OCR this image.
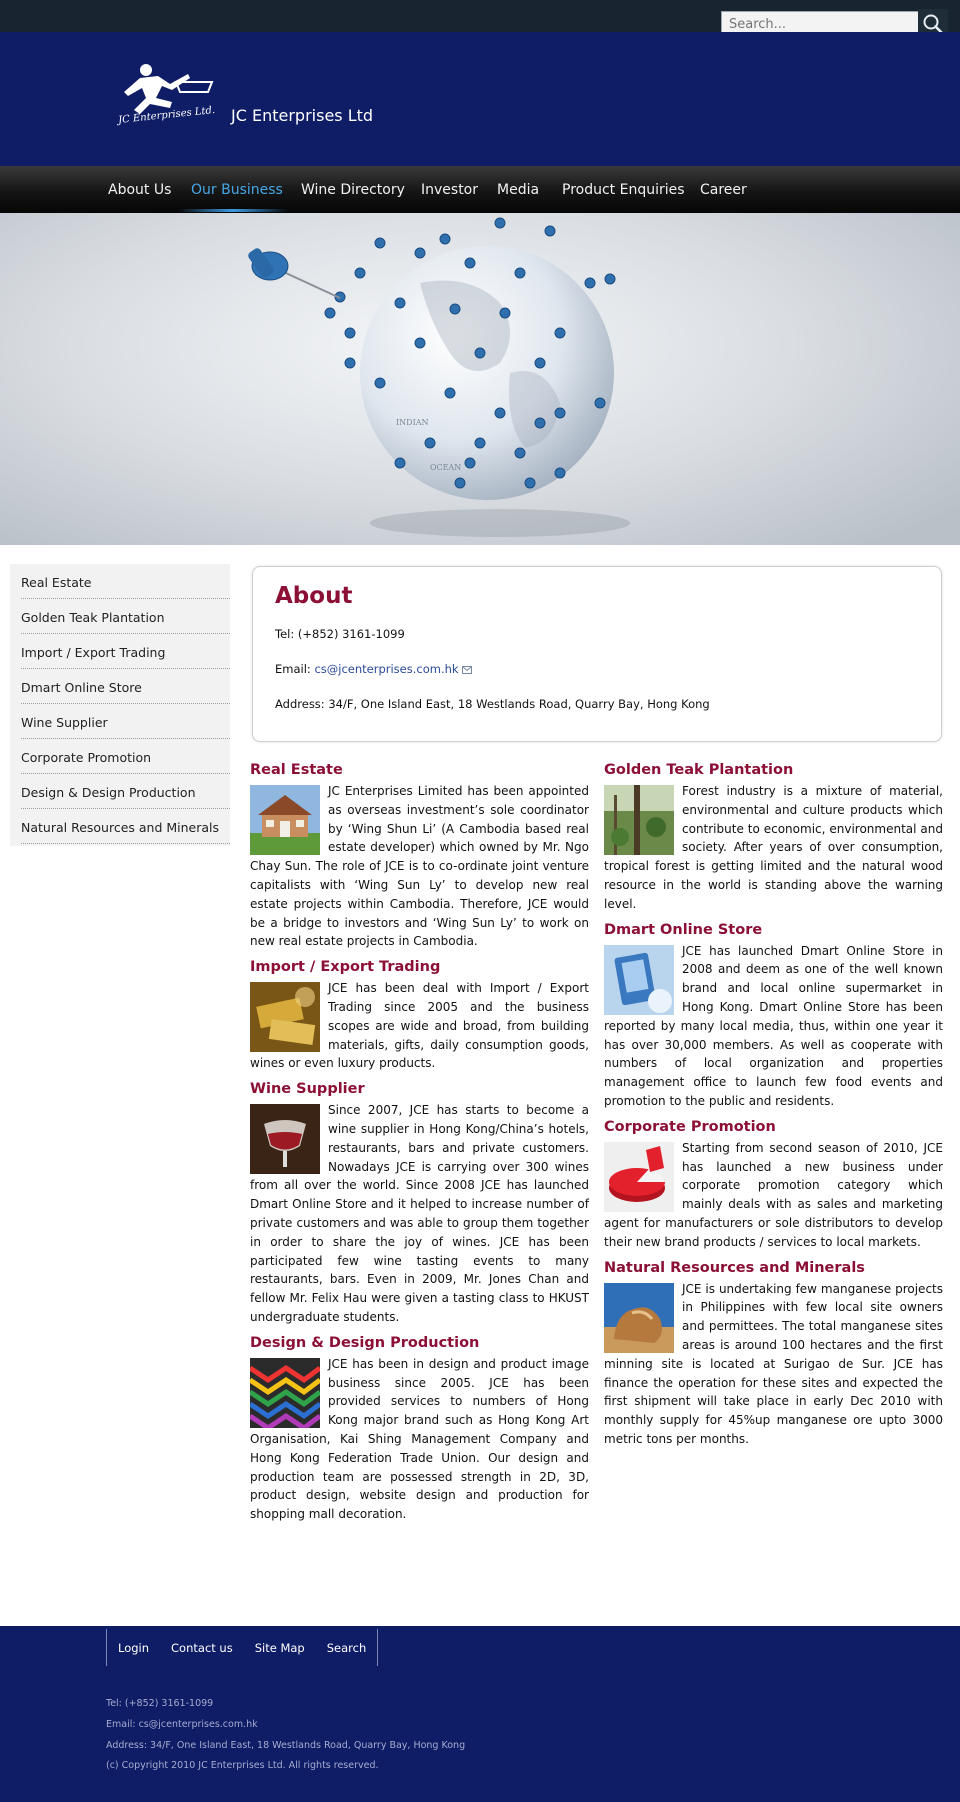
Search...
JC Enterprises Ltd. JC Enterprises Ltd
About Us Our Business Wine Directory Investor Media Product Enquiries Career
INDIAN
OCEAN
Real Estate
Golden Teak Plantation
Import / Export Trading
Dmart Online Store
Wine Supplier
Corporate Promotion
Design & Design Production
Natural Resources and Minerals
About
Tel: (+852) 3161-1099
Email: cs@jcenterprises.com.hk
Address: 34/F, One Island East, 18 Westlands Road, Quarry Bay, Hong Kong
Real Estate
JC Enterprises Limited has been appointed as overseas investment’s sole coordinator by ‘Wing Shun Li’ (A Cambodia based real estate developer) which owned by Mr. Ngo Chay Sun. The role of JCE is to co-ordinate joint venture capitalists with ‘Wing Sun Ly’ to develop new real estate projects within Cambodia. Therefore, JCE would be a bridge to investors and ‘Wing Sun Ly’ to work on new real estate projects in Cambodia.
Import / Export Trading
JCE has been deal with Import / Export Trading since 2005 and the business scopes are wide and broad, from building materials, gifts, daily consumption goods, wines or even luxury products.
Wine Supplier
Since 2007, JCE has starts to become a wine supplier in Hong Kong/China’s hotels, restaurants, bars and private customers. Nowadays JCE is carrying over 300 wines from all over the world. Since 2008 JCE has launched Dmart Online Store and it helped to increase number of private customers and was able to group them together in order to share the joy of wines. JCE has been participated few wine tasting events to many restaurants, bars. Even in 2009, Mr. Jones Chan and fellow Mr. Felix Hau were given a tasting class to HKUST undergraduate students.
Design & Design Production
JCE has been in design and product image business since 2005. JCE has been provided services to numbers of Hong Kong major brand such as Hong Kong Art Organisation, Kai Shing Management Company and Hong Kong Federation Trade Union. Our design and production team are possessed strength in 2D, 3D, product design, website design and production for shopping mall decoration.
Golden Teak Plantation
Forest industry is a mixture of material, environmental and culture products which contribute to economic, environmental and society. After years of over consumption, tropical forest is getting limited and the natural wood resource in the world is standing above the warning level.
Dmart Online Store
JCE has launched Dmart Online Store in 2008 and deem as one of the well known brand and local online supermarket in Hong Kong. Dmart Online Store has been reported by many local media, thus, within one year it has over 30,000 members. As well as cooperate with numbers of local organization and properties management office to launch few food events and promotion to the public and residents.
Corporate Promotion
Starting from second season of 2010, JCE has launched a new business under corporate promotion category which mainly deals with as sales and marketing agent for manufacturers or sole distributors to develop their new brand products / services to local markets.
Natural Resources and Minerals
JCE is undertaking few manganese projects in Philippines with few local site owners and permittees. The total manganese sites areas is around 100 hectares and the first minning site is located at Surigao de Sur. JCE has finance the operation for these sites and expected the first shipment will take place in early Dec 2010 with monthly supply for 45%up manganese ore upto 3000 metric tons per months.
Login Contact us Site Map Search
Tel: (+852) 3161-1099
Email: cs@jcenterprises.com.hk
Address: 34/F, One Island East, 18 Westlands Road, Quarry Bay, Hong Kong
(c) Copyright 2010 JC Enterprises Ltd. All rights reserved.
